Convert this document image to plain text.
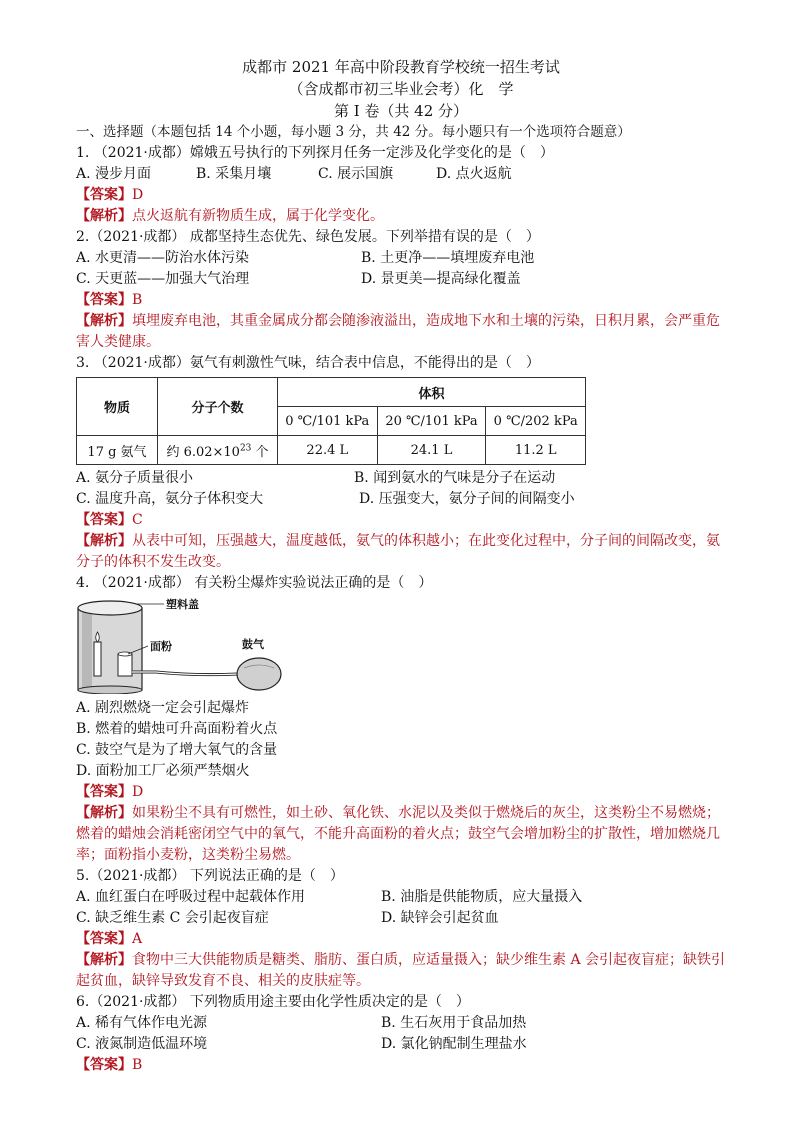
成都市 2021 年高中阶段教育学校统一招生考试
（含成都市初三毕业会考）化　学
第 I 卷（共 42 分）
一、选择题（本题包括 14 个小题，每小题 3 分，共 42 分。每小题只有一个选项符合题意）
1. （2021·成都）嫦娥五号执行的下列探月任务一定涉及化学变化的是（　）
A. 漫步月面	B. 采集月壤	C. 展示国旗	D. 点火返航
【答案】D
【解析】点火返航有新物质生成，属于化学变化。
2.（2021·成都） 成都坚持生态优先、绿色发展。下列举措有误的是（　）
A. 水更清——防治水体污染	B. 土更净——填埋废弃电池
C. 天更蓝——加强大气治理	D. 景更美—提高绿化覆盖
【答案】B
【解析】填埋废弃电池，其重金属成分都会随渗液溢出，造成地下水和土壤的污染，日积月累，会严重危害人类健康。
3. （2021·成都）氨气有刺激性气味，结合表中信息，不能得出的是（　）
物质	分子个数	体积		
		0 ℃/101 kPa	20 ℃/101 kPa	0 ℃/202 kPa
17 g 氨气	约 $6.02\times 10^{23}$ 个	22.4 L	24.1 L	11.2 L
A. 氨分子质量很小	B. 闻到氨水的气味是分子在运动
C. 温度升高，氨分子体积变大	D. 压强变大，氨分子间的间隔变小
【答案】C
【解析】从表中可知，压强越大，温度越低，氨气的体积越小；在此变化过程中，分子间的间隔改变，氨分子的体积不发生改变。
4. （2021·成都） 有关粉尘爆炸实验说法正确的是（　）
塑料盖
面粉	鼓气
A. 剧烈燃烧一定会引起爆炸
B. 燃着的蜡烛可升高面粉着火点
C. 鼓空气是为了增大氧气的含量
D. 面粉加工厂必须严禁烟火
【答案】D
【解析】如果粉尘不具有可燃性，如土砂、氧化铁、水泥以及类似于燃烧后的灰尘，这类粉尘不易燃烧；燃着的蜡烛会消耗密闭空气中的氧气，不能升高面粉的着火点；鼓空气会增加粉尘的扩散性，增加燃烧几率；面粉指小麦粉，这类粉尘易燃。
5.（2021·成都） 下列说法正确的是（　）
A. 血红蛋白在呼吸过程中起载体作用	B. 油脂是供能物质，应大量摄入
C. 缺乏维生素 C 会引起夜盲症	D. 缺锌会引起贫血
【答案】A
【解析】食物中三大供能物质是糖类、脂肪、蛋白质，应适量摄入；缺少维生素 A 会引起夜盲症；缺铁引起贫血，缺锌导致发育不良、相关的皮肤症等。
6.（2021·成都） 下列物质用途主要由化学性质决定的是（　）
A. 稀有气体作电光源	B. 生石灰用于食品加热
C. 液氮制造低温环境	D. 氯化钠配制生理盐水
【答案】B
